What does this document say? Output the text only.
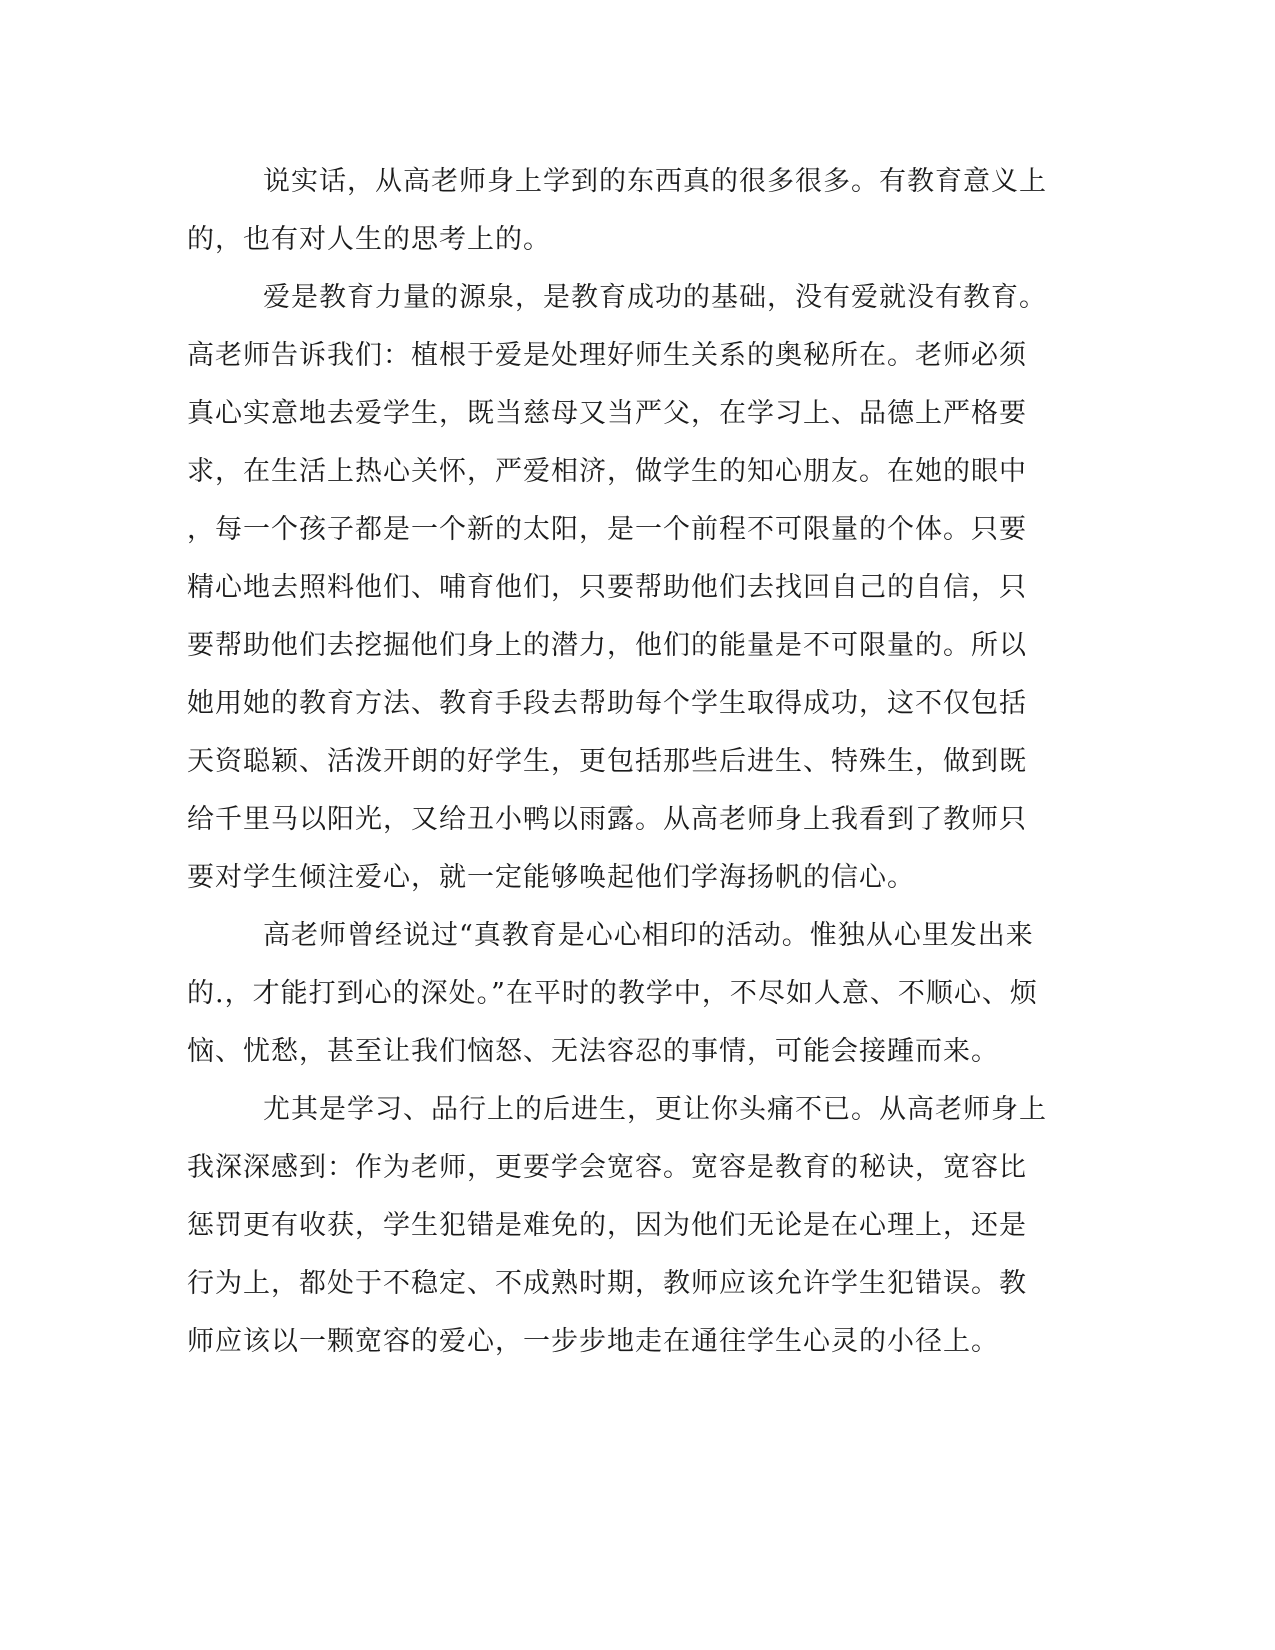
说实话，从高老师身上学到的东西真的很多很多。有教育意义上
的，也有对人生的思考上的。
爱是教育力量的源泉，是教育成功的基础，没有爱就没有教育。
高老师告诉我们：植根于爱是处理好师生关系的奥秘所在。老师必须
真心实意地去爱学生，既当慈母又当严父，在学习上、品德上严格要
求，在生活上热心关怀，严爱相济，做学生的知心朋友。在她的眼中
，每一个孩子都是一个新的太阳，是一个前程不可限量的个体。只要
精心地去照料他们、哺育他们，只要帮助他们去找回自己的自信，只
要帮助他们去挖掘他们身上的潜力，他们的能量是不可限量的。所以
她用她的教育方法、教育手段去帮助每个学生取得成功，这不仅包括
天资聪颖、活泼开朗的好学生，更包括那些后进生、特殊生，做到既
给千里马以阳光，又给丑小鸭以雨露。从高老师身上我看到了教师只
要对学生倾注爱心，就一定能够唤起他们学海扬帆的信心。
高老师曾经说过“真教育是心心相印的活动。惟独从心里发出来
的.，才能打到心的深处。”在平时的教学中，不尽如人意、不顺心、烦
恼、忧愁，甚至让我们恼怒、无法容忍的事情，可能会接踵而来。
尤其是学习、品行上的后进生，更让你头痛不已。从高老师身上
我深深感到：作为老师，更要学会宽容。宽容是教育的秘诀，宽容比
惩罚更有收获，学生犯错是难免的，因为他们无论是在心理上，还是
行为上，都处于不稳定、不成熟时期，教师应该允许学生犯错误。教
师应该以一颗宽容的爱心，一步步地走在通往学生心灵的小径上。
